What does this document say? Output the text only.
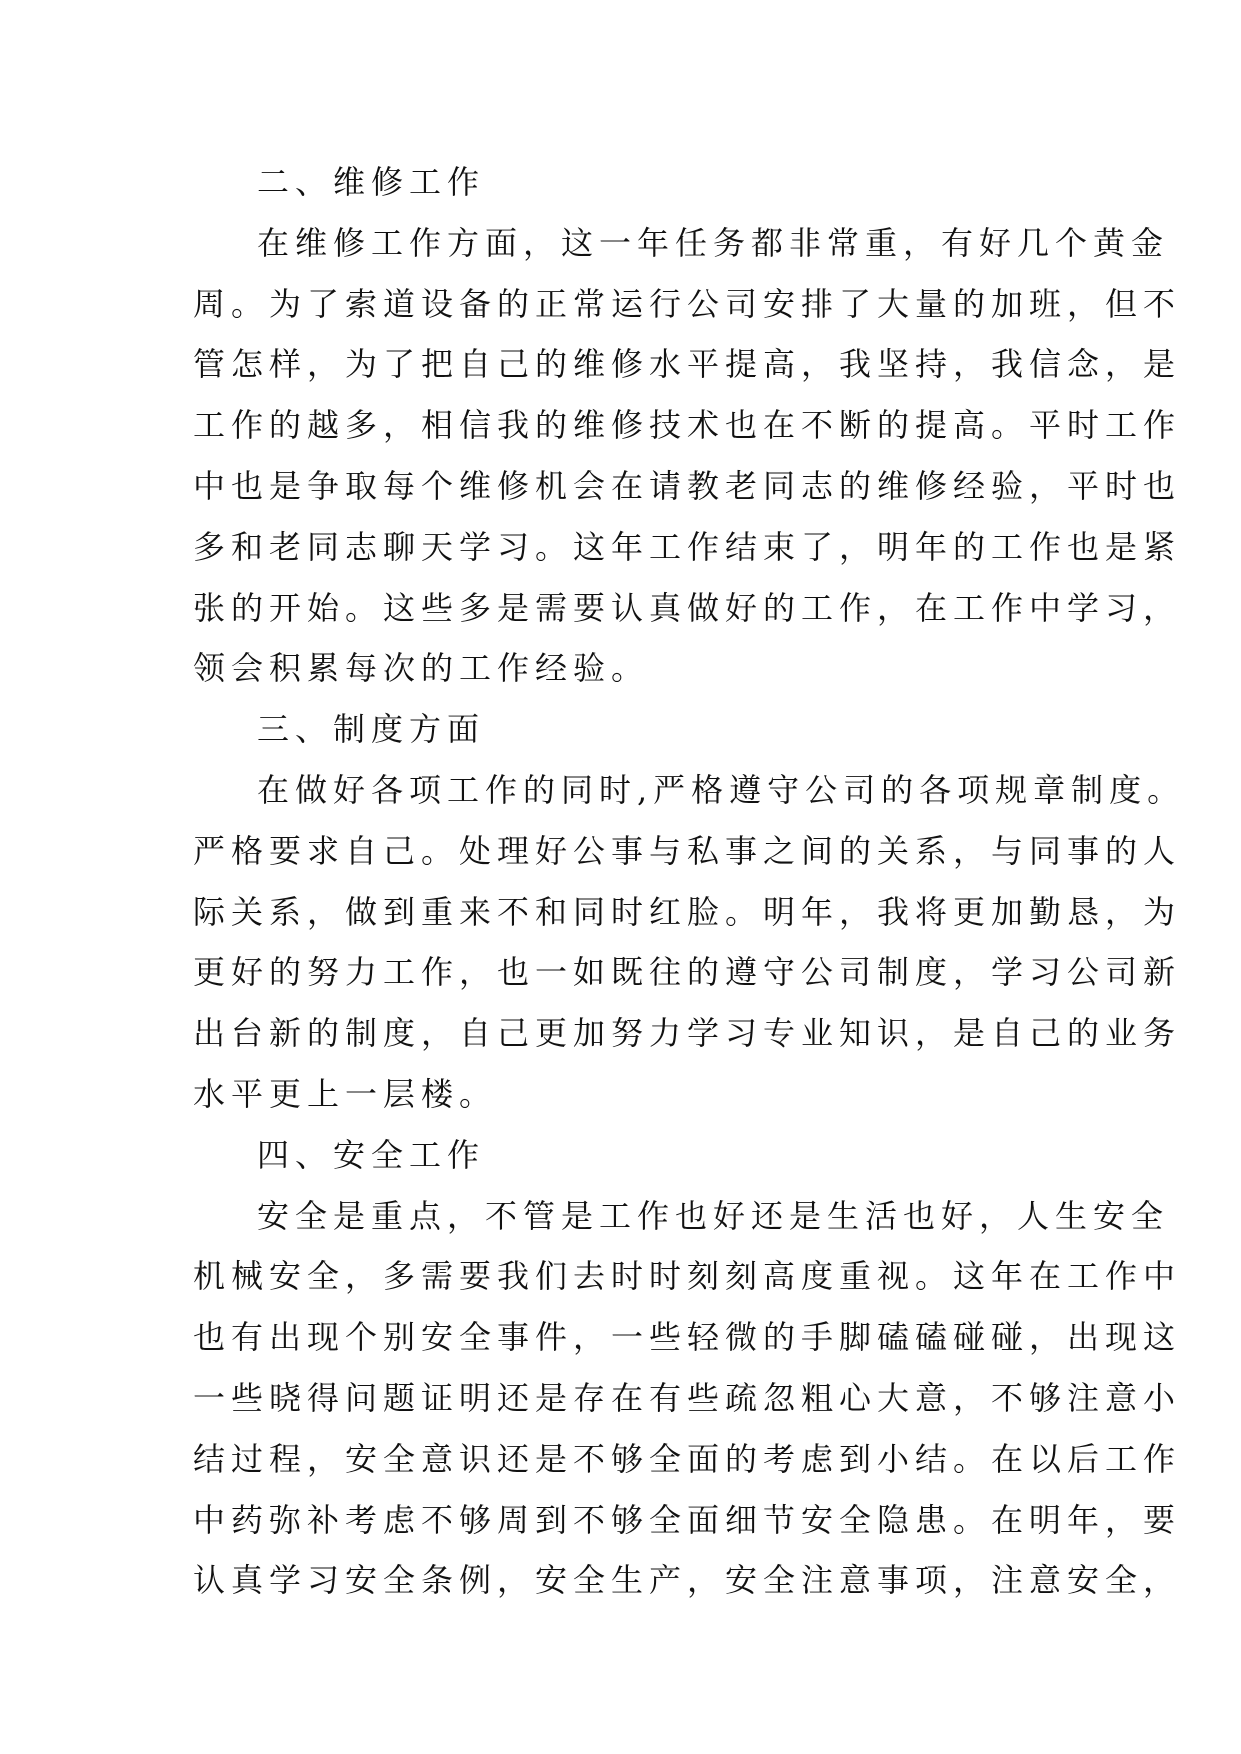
二、维修工作
在维修工作方面，这一年任务都非常重，有好几个黄金
周。为了索道设备的正常运行公司安排了大量的加班，但不
管怎样，为了把自己的维修水平提高，我坚持，我信念，是
工作的越多，相信我的维修技术也在不断的提高。平时工作
中也是争取每个维修机会在请教老同志的维修经验，平时也
多和老同志聊天学习。这年工作结束了，明年的工作也是紧
张的开始。这些多是需要认真做好的工作，在工作中学习，
领会积累每次的工作经验。
三、制度方面
在做好各项工作的同时,严格遵守公司的各项规章制度。
严格要求自己。处理好公事与私事之间的关系，与同事的人
际关系，做到重来不和同时红脸。明年，我将更加勤恳，为
更好的努力工作，也一如既往的遵守公司制度，学习公司新
出台新的制度，自己更加努力学习专业知识，是自己的业务
水平更上一层楼。
四、安全工作
安全是重点，不管是工作也好还是生活也好，人生安全
机械安全，多需要我们去时时刻刻高度重视。这年在工作中
也有出现个别安全事件，一些轻微的手脚磕磕碰碰，出现这
一些晓得问题证明还是存在有些疏忽粗心大意，不够注意小
结过程，安全意识还是不够全面的考虑到小结。在以后工作
中药弥补考虑不够周到不够全面细节安全隐患。在明年，要
认真学习安全条例，安全生产，安全注意事项，注意安全，
